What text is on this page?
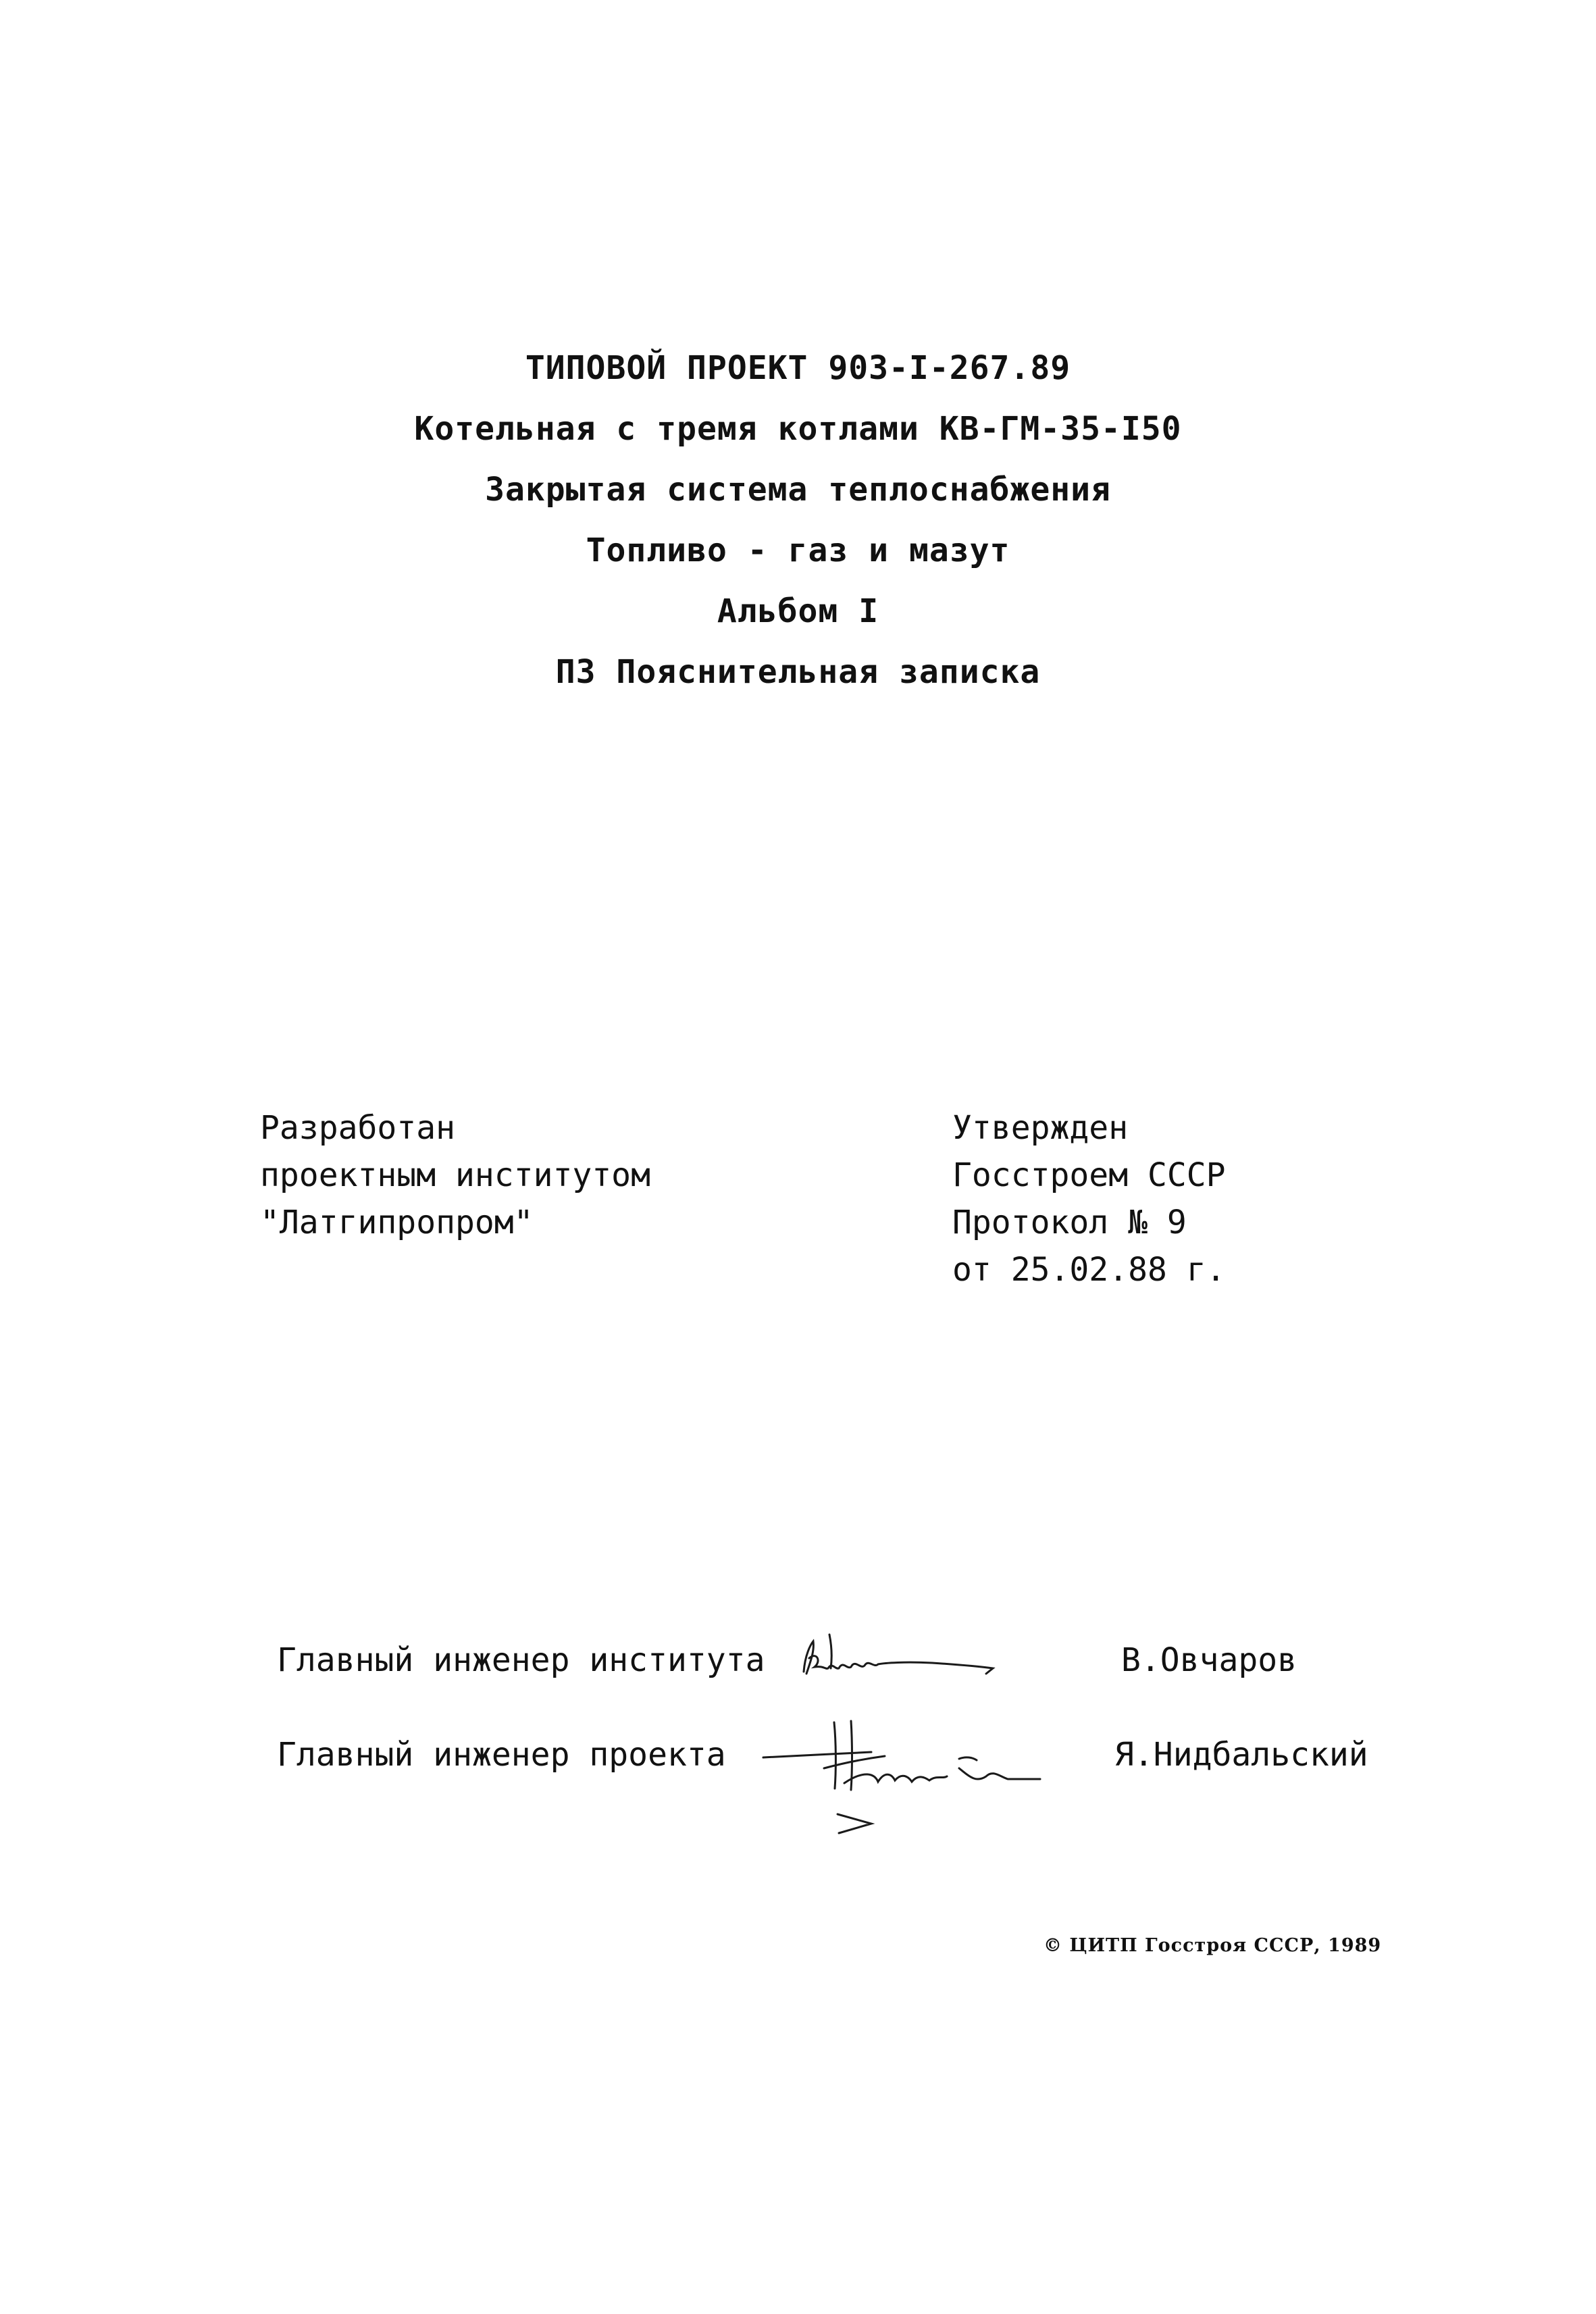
ТИПОВОЙ ПРОЕКТ 903-I-267.89
Котельная с тремя котлами КВ-ГМ-35-I50
Закрытая система теплоснабжения
Топливо - газ и мазут
Альбом I
ПЗ Пояснительная записка
Разработан
проектным институтом
"Латгипропром"
Утвержден
Госстроем СССР
Протокол № 9
от 25.02.88 г.
Главный инженер института	В.Овчаров
Главный инженер проекта	Я.Нидбальский
© ЦИТП Госстроя СССР, 1989
